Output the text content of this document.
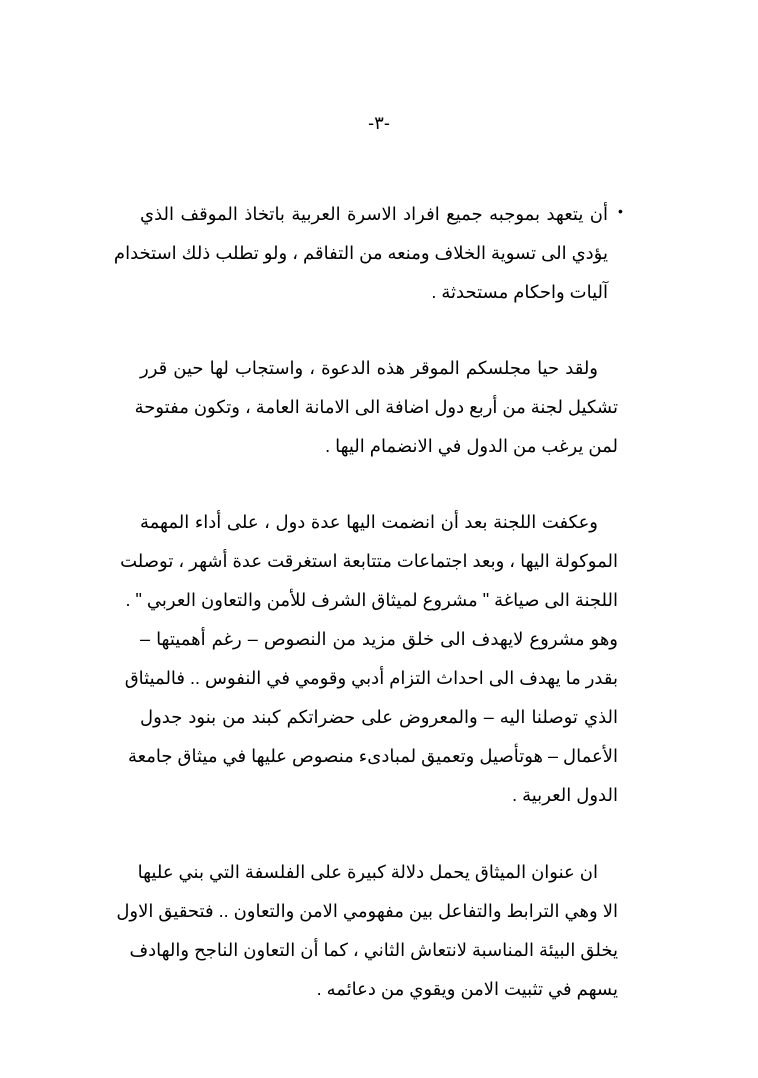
-٣-
•
أن يتعهد بموجبه جميع افراد الاسرة العربية باتخاذ الموقف الذي
يؤدي الى تسوية الخلاف ومنعه من التفاقم ، ولو تطلب ذلك استخدام
آليات واحكام مستحدثة .
ولقد حيا مجلسكم الموقر هذه الدعوة ، واستجاب لها حين قرر
تشكيل لجنة من أربع دول اضافة الى الامانة العامة ، وتكون مفتوحة
لمن يرغب من الدول في الانضمام اليها .
وعكفت اللجنة بعد أن انضمت اليها عدة دول ، على أداء المهمة
الموكولة اليها ، وبعد اجتماعات متتابعة استغرقت عدة أشهر ، توصلت
اللجنة الى صياغة " مشروع لميثاق الشرف للأمن والتعاون العربي " .
وهو مشروع لايهدف الى خلق مزيد من النصوص – رغم أهميتها –
بقدر ما يهدف الى احداث التزام أدبي وقومي في النفوس .. فالميثاق
الذي توصلنا اليه – والمعروض على حضراتكم كبند من بنود جدول
الأعمال – هوتأصيل وتعميق لمبادىء منصوص عليها في ميثاق جامعة
الدول العربية .
ان عنوان الميثاق يحمل دلالة كبيرة على الفلسفة التي بني عليها
الا وهي الترابط والتفاعل بين مفهومي الامن والتعاون .. فتحقيق الاول
يخلق البيئة المناسبة لانتعاش الثاني ، كما أن التعاون الناجح والهادف
يسهم في تثبيت الامن ويقوي من دعائمه .
